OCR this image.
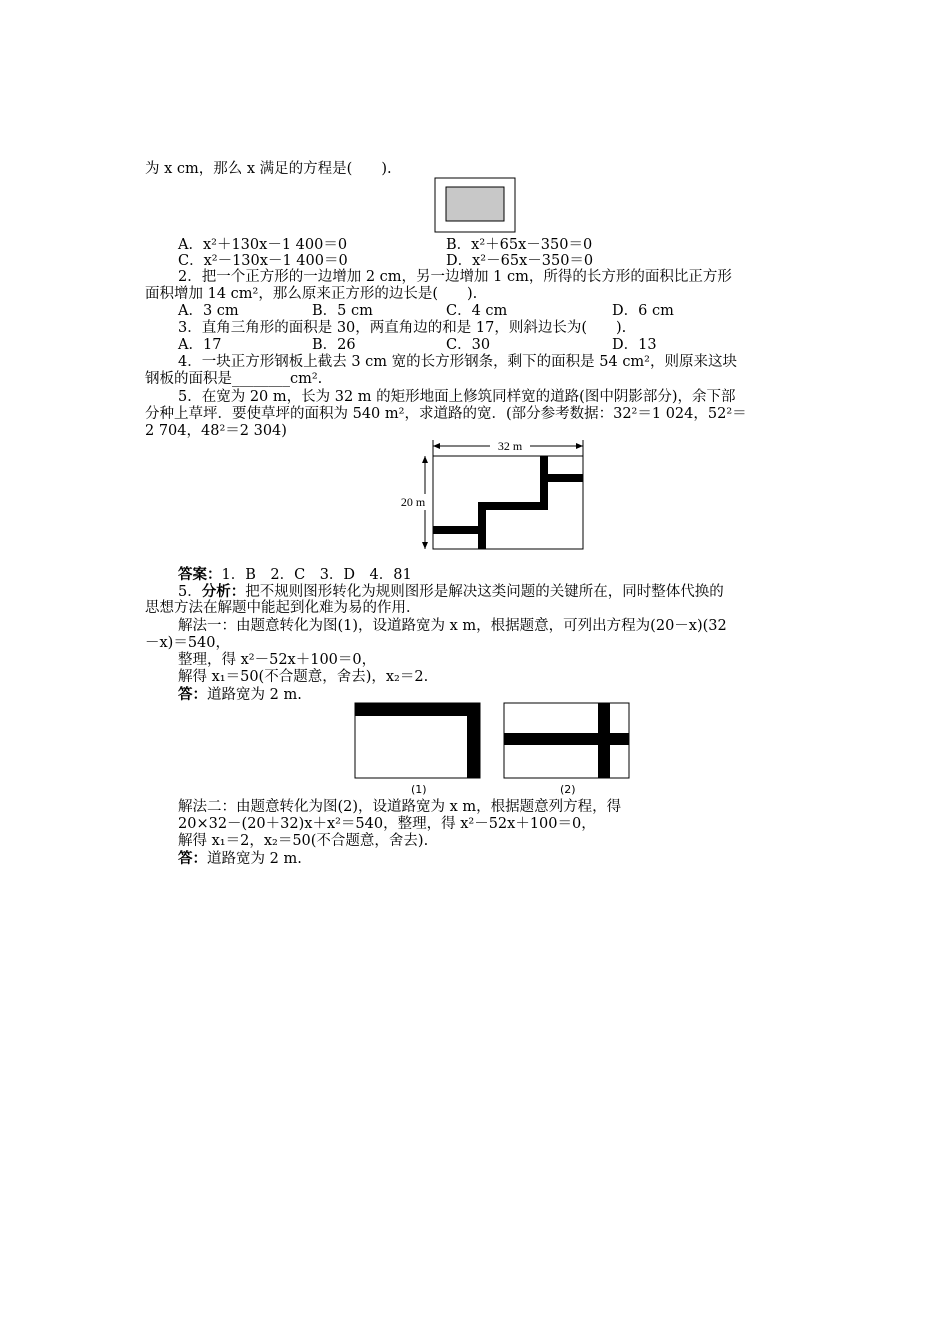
为 x cm，那么 x 满足的方程是(　　).
A．x²＋130x－1 400＝0	B．x²＋65x－350＝0
C．x²－130x－1 400＝0	D．x²－65x－350＝0
2．把一个正方形的一边增加 2 cm，另一边增加 1 cm，所得的长方形的面积比正方形
面积增加 14 cm²，那么原来正方形的边长是(　　).
A．3 cm	B．5 cm	C．4 cm	D．6 cm
3．直角三角形的面积是 30，两直角边的和是 17，则斜边长为(　　).
A．17	B．26	C．30	D．13
4．一块正方形钢板上截去 3 cm 宽的长方形钢条，剩下的面积是 54 cm²，则原来这块
钢板的面积是________cm².
5．在宽为 20 m，长为 32 m 的矩形地面上修筑同样宽的道路(图中阴影部分)，余下部
分种上草坪．要使草坪的面积为 540 m²，求道路的宽．(部分参考数据：32²＝1 024，52²＝
2 704，48²＝2 304)
32 m
20 m
答案：1．B　2．C　3．D　4．81
5．分析：把不规则图形转化为规则图形是解决这类问题的关键所在，同时整体代换的
思想方法在解题中能起到化难为易的作用．
解法一：由题意转化为图(1)，设道路宽为 x m，根据题意，可列出方程为(20－x)(32
－x)＝540，
整理，得 x²－52x＋100＝0，
解得 x₁＝50(不合题意，舍去)，x₂＝2.
答：道路宽为 2 m.
(1)	(2)
解法二：由题意转化为图(2)，设道路宽为 x m，根据题意列方程，得
20×32－(20＋32)x＋x²＝540，整理，得 x²－52x＋100＝0，
解得 x₁＝2，x₂＝50(不合题意，舍去).
答：道路宽为 2 m.
